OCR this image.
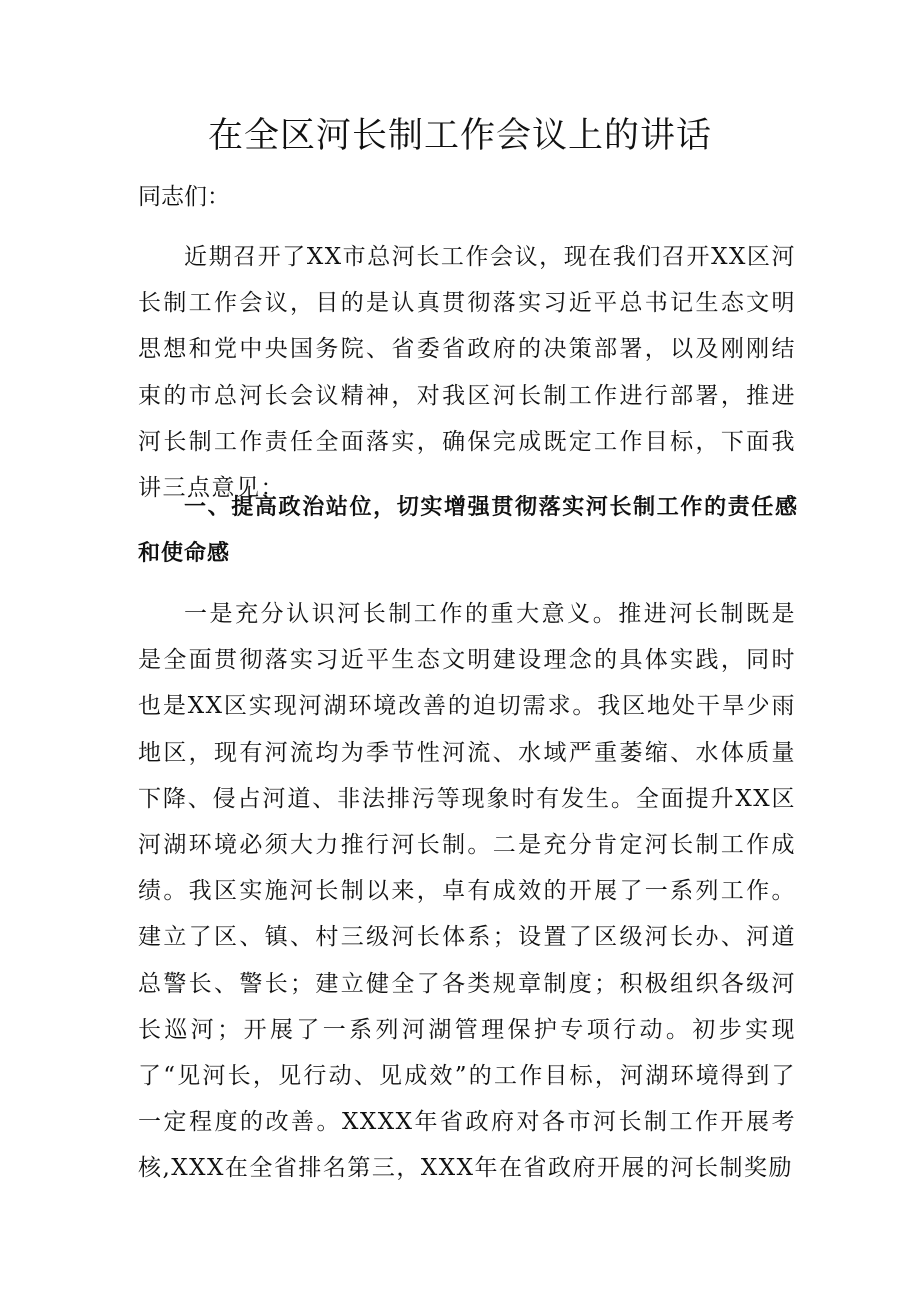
在全区河长制工作会议上的讲话

同志们：

近期召开了XX市总河长工作会议，现在我们召开XX区河长制工作会议，目的是认真贯彻落实习近平总书记生态文明思想和党中央国务院、省委省政府的决策部署，以及刚刚结束的市总河长会议精神，对我区河长制工作进行部署，推进河长制工作责任全面落实，确保完成既定工作目标，下面我讲三点意见：

一、提高政治站位，切实增强贯彻落实河长制工作的责任感和使命感

一是充分认识河长制工作的重大意义。推进河长制既是是全面贯彻落实习近平生态文明建设理念的具体实践，同时也是XX区实现河湖环境改善的迫切需求。我区地处干旱少雨地区，现有河流均为季节性河流、水域严重萎缩、水体质量下降、侵占河道、非法排污等现象时有发生。全面提升XX区河湖环境必须大力推行河长制。二是充分肯定河长制工作成绩。我区实施河长制以来，卓有成效的开展了一系列工作。建立了区、镇、村三级河长体系；设置了区级河长办、河道总警长、警长；建立健全了各类规章制度；积极组织各级河长巡河；开展了一系列河湖管理保护专项行动。初步实现了“见河长，见行动、见成效”的工作目标，河湖环境得到了一定程度的改善。XXXX年省政府对各市河长制工作开展考核,XXX在全省排名第三，XXX年在省政府开展的河长制奖励
